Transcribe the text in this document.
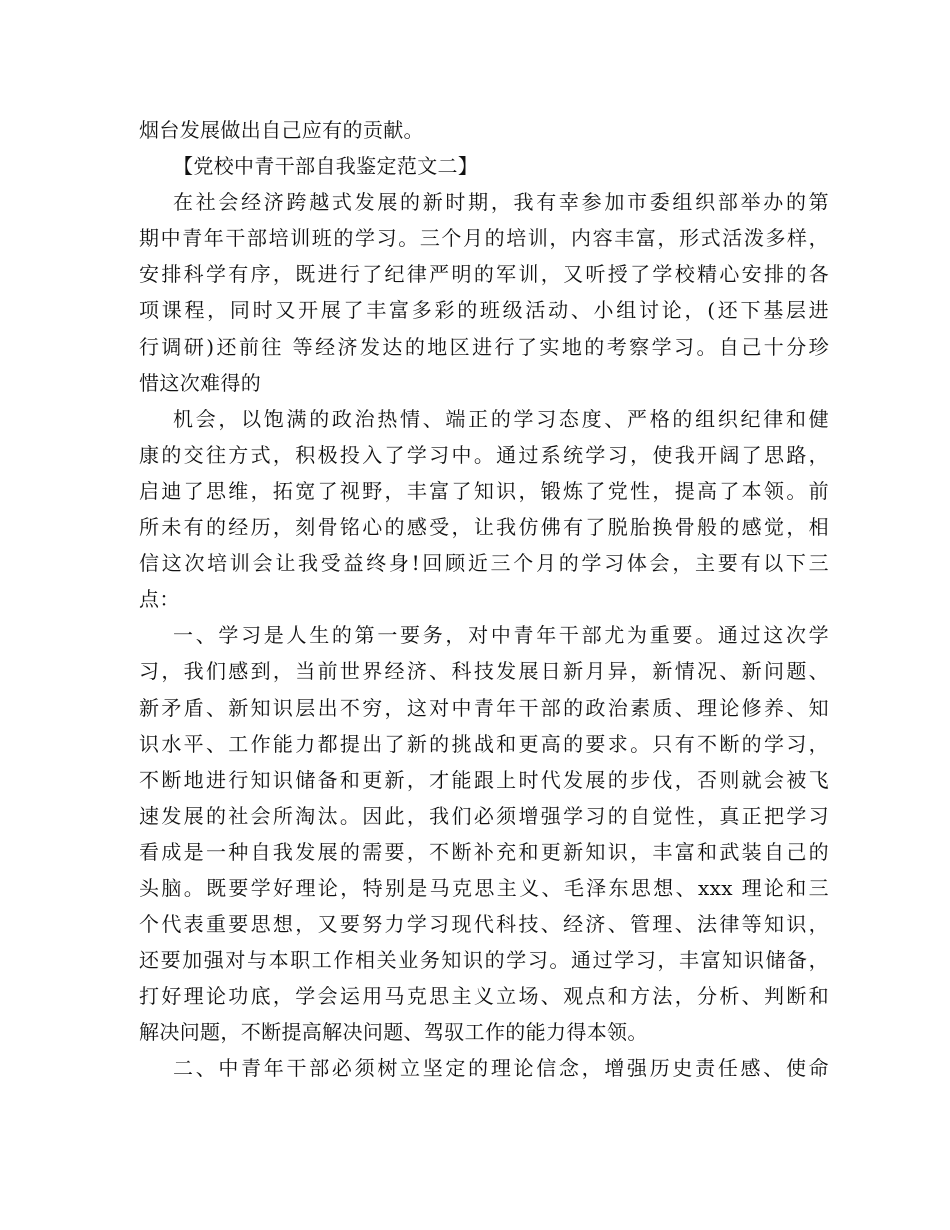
烟台发展做出自己应有的贡献。
【党校中青干部自我鉴定范文二】
在社会经济跨越式发展的新时期，我有幸参加市委组织部举办的第
期中青年干部培训班的学习。三个月的培训，内容丰富，形式活泼多样，
安排科学有序，既进行了纪律严明的军训，又听授了学校精心安排的各
项课程，同时又开展了丰富多彩的班级活动、小组讨论，(还下基层进
行调研)还前往 等经济发达的地区进行了实地的考察学习。自己十分珍
惜这次难得的
机会，以饱满的政治热情、端正的学习态度、严格的组织纪律和健
康的交往方式，积极投入了学习中。通过系统学习，使我开阔了思路，
启迪了思维，拓宽了视野，丰富了知识，锻炼了党性，提高了本领。前
所未有的经历，刻骨铭心的感受，让我仿佛有了脱胎换骨般的感觉，相
信这次培训会让我受益终身!回顾近三个月的学习体会，主要有以下三
点：
一、学习是人生的第一要务，对中青年干部尤为重要。通过这次学
习，我们感到，当前世界经济、科技发展日新月异，新情况、新问题、
新矛盾、新知识层出不穷，这对中青年干部的政治素质、理论修养、知
识水平、工作能力都提出了新的挑战和更高的要求。只有不断的学习，
不断地进行知识储备和更新，才能跟上时代发展的步伐，否则就会被飞
速发展的社会所淘汰。因此，我们必须增强学习的自觉性，真正把学习
看成是一种自我发展的需要，不断补充和更新知识，丰富和武装自己的
头脑。既要学好理论，特别是马克思主义、毛泽东思想、xxx 理论和三
个代表重要思想，又要努力学习现代科技、经济、管理、法律等知识，
还要加强对与本职工作相关业务知识的学习。通过学习，丰富知识储备，
打好理论功底，学会运用马克思主义立场、观点和方法，分析、判断和
解决问题，不断提高解决问题、驾驭工作的能力得本领。
二、中青年干部必须树立坚定的理论信念，增强历史责任感、使命
